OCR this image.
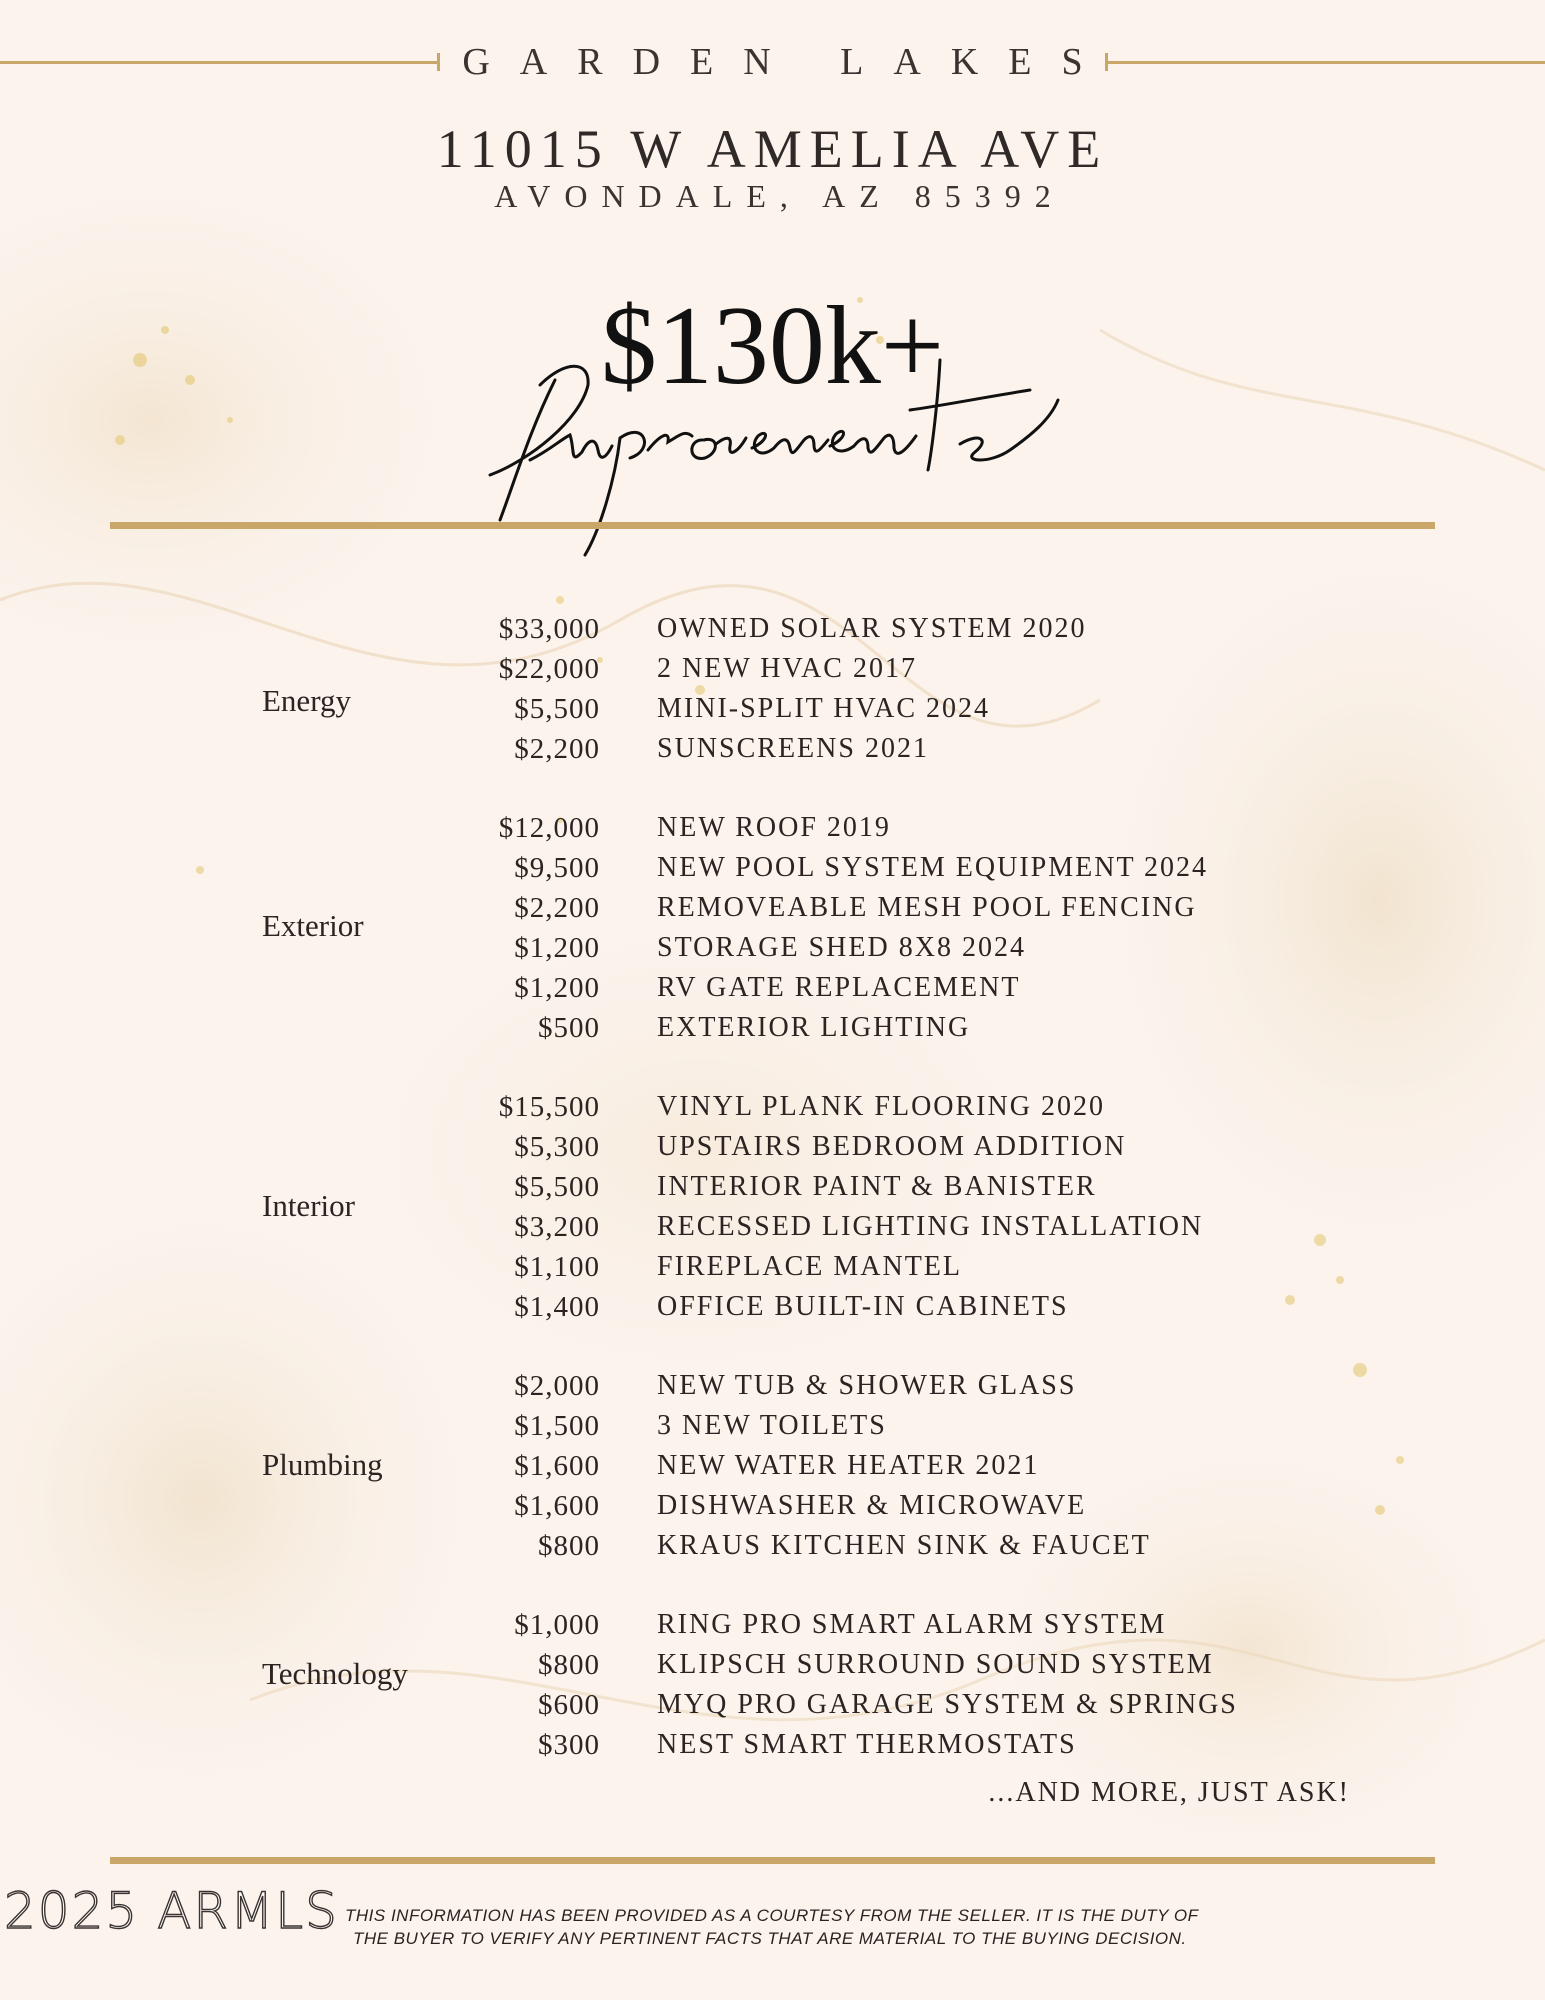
GARDEN LAKES
11015 W AMELIA AVE
AVONDALE, AZ 85392
$130k+
Energy
$33,000 OWNED SOLAR SYSTEM 2020
$22,000 2 NEW HVAC 2017
$5,500 MINI-SPLIT HVAC 2024
$2,200 SUNSCREENS 2021
Exterior
$12,000 NEW ROOF 2019
$9,500 NEW POOL SYSTEM EQUIPMENT 2024
$2,200 REMOVEABLE MESH POOL FENCING
$1,200 STORAGE SHED 8X8 2024
$1,200 RV GATE REPLACEMENT
$500 EXTERIOR LIGHTING
Interior
$15,500 VINYL PLANK FLOORING 2020
$5,300 UPSTAIRS BEDROOM ADDITION
$5,500 INTERIOR PAINT & BANISTER
$3,200 RECESSED LIGHTING INSTALLATION
$1,100 FIREPLACE MANTEL
$1,400 OFFICE BUILT-IN CABINETS
Plumbing
$2,000 NEW TUB & SHOWER GLASS
$1,500 3 NEW TOILETS
$1,600 NEW WATER HEATER 2021
$1,600 DISHWASHER & MICROWAVE
$800 KRAUS KITCHEN SINK & FAUCET
Technology
$1,000 RING PRO SMART ALARM SYSTEM
$800 KLIPSCH SURROUND SOUND SYSTEM
$600 MYQ PRO GARAGE SYSTEM & SPRINGS
$300 NEST SMART THERMOSTATS
...AND MORE, JUST ASK!
2025 ARMLS THIS INFORMATION HAS BEEN PROVIDED AS A COURTESY FROM THE SELLER. IT IS THE DUTY OF
THE BUYER TO VERIFY ANY PERTINENT FACTS THAT ARE MATERIAL TO THE BUYING DECISION.
